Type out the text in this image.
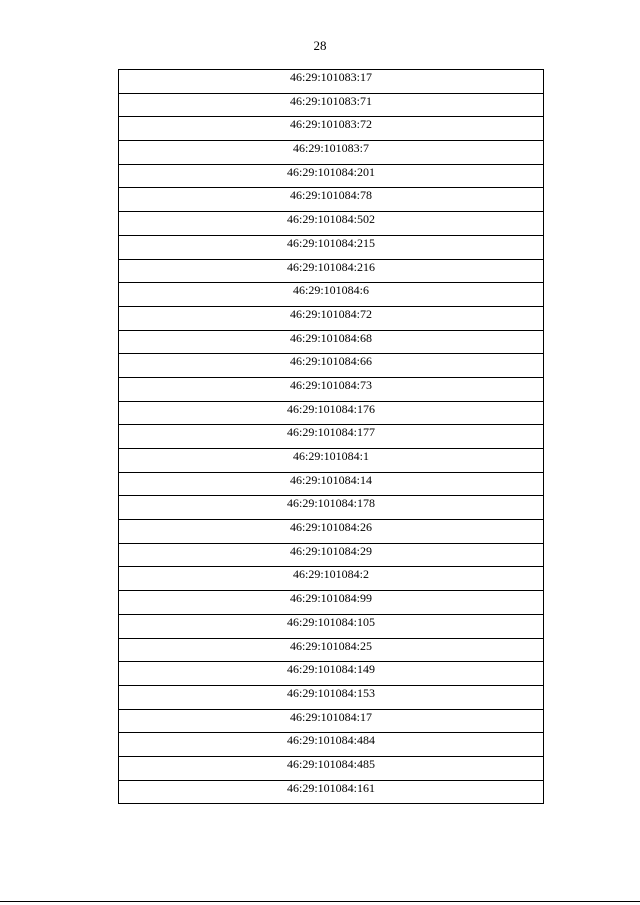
28
46:29:101083:17
46:29:101083:71
46:29:101083:72
46:29:101083:7
46:29:101084:201
46:29:101084:78
46:29:101084:502
46:29:101084:215
46:29:101084:216
46:29:101084:6
46:29:101084:72
46:29:101084:68
46:29:101084:66
46:29:101084:73
46:29:101084:176
46:29:101084:177
46:29:101084:1
46:29:101084:14
46:29:101084:178
46:29:101084:26
46:29:101084:29
46:29:101084:2
46:29:101084:99
46:29:101084:105
46:29:101084:25
46:29:101084:149
46:29:101084:153
46:29:101084:17
46:29:101084:484
46:29:101084:485
46:29:101084:161
